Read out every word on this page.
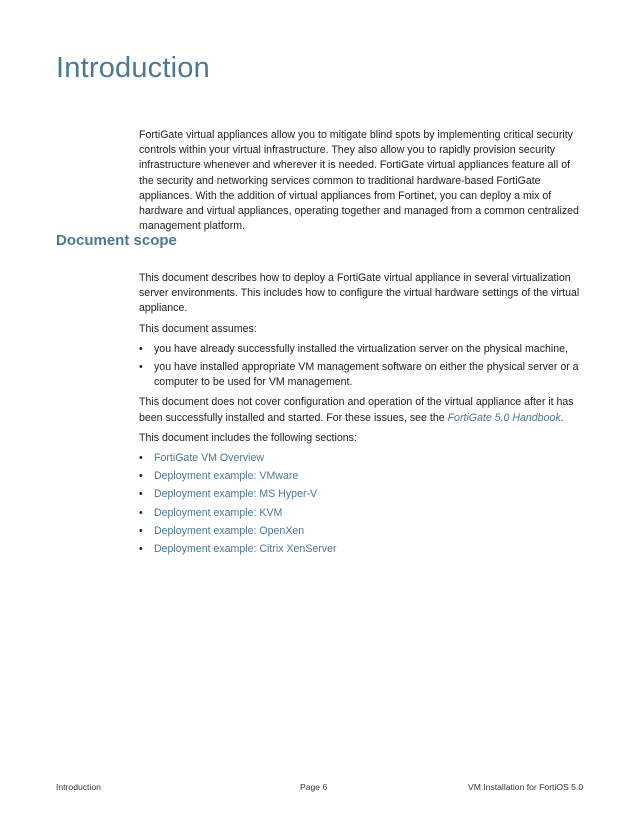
Introduction

FortiGate virtual appliances allow you to mitigate blind spots by implementing critical security controls within your virtual infrastructure. They also allow you to rapidly provision security infrastructure whenever and wherever it is needed. FortiGate virtual appliances feature all of the security and networking services common to traditional hardware-based FortiGate appliances. With the addition of virtual appliances from Fortinet, you can deploy a mix of hardware and virtual appliances, operating together and managed from a common centralized management platform.

Document scope

This document describes how to deploy a FortiGate virtual appliance in several virtualization server environments. This includes how to configure the virtual hardware settings of the virtual appliance.

This document assumes:

• you have already successfully installed the virtualization server on the physical machine,
• you have installed appropriate VM management software on either the physical server or a computer to be used for VM management.

This document does not cover configuration and operation of the virtual appliance after it has been successfully installed and started. For these issues, see the FortiGate 5.0 Handbook.

This document includes the following sections:

• FortiGate VM Overview
• Deployment example: VMware
• Deployment example: MS Hyper-V
• Deployment example: KVM
• Deployment example: OpenXen
• Deployment example: Citrix XenServer
Introduction	Page 6	VM Installation for FortiOS 5.0
